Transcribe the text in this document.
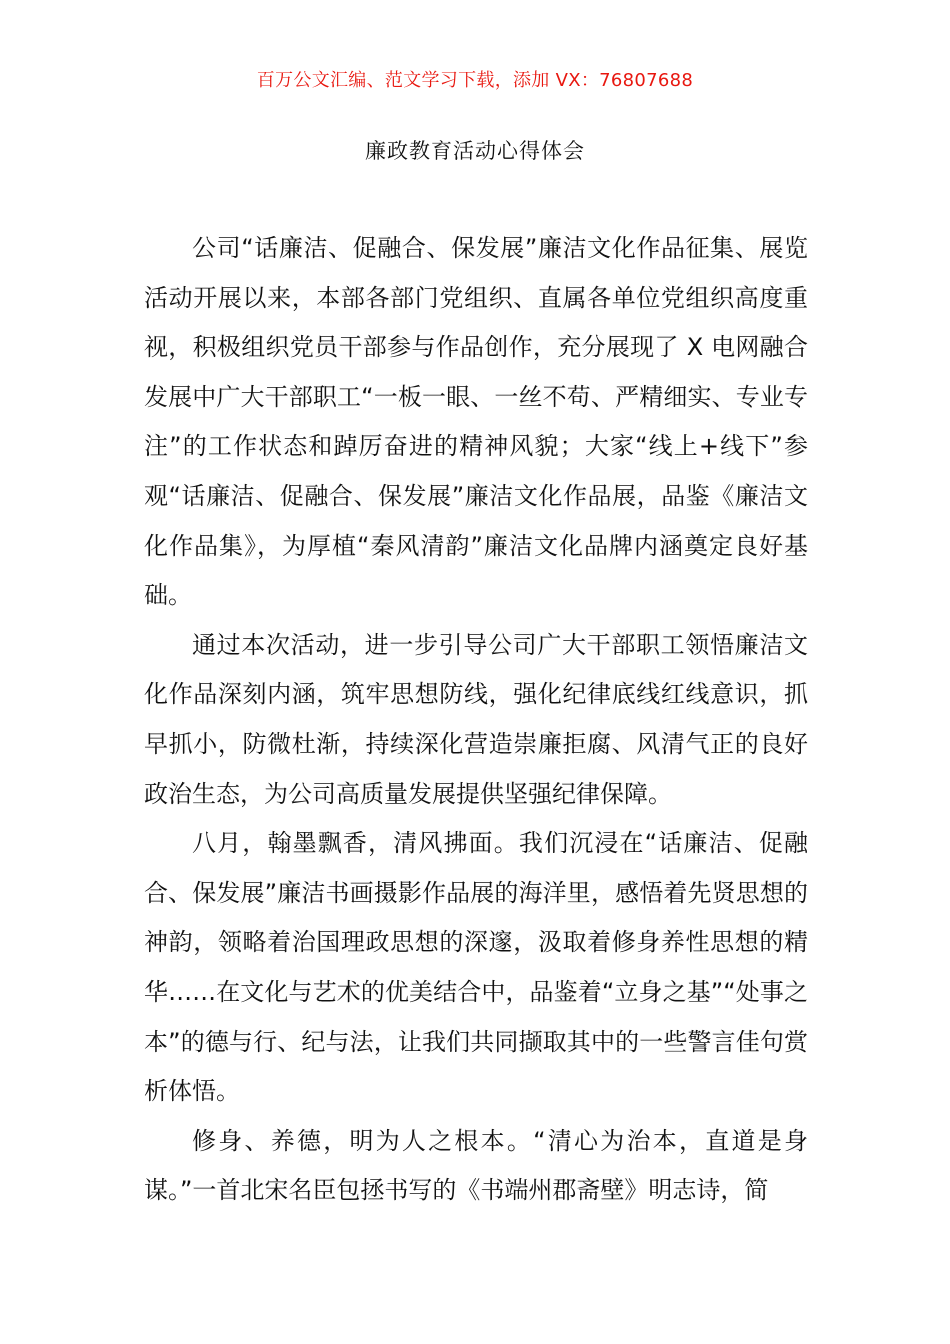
百万公文汇编、范文学习下载，添加 VX：76807688
廉政教育活动心得体会

公司“话廉洁、促融合、保发展”廉洁文化作品征集、展览活动开展以来，本部各部门党组织、直属各单位党组织高度重视，积极组织党员干部参与作品创作，充分展现了 X 电网融合发展中广大干部职工“一板一眼、一丝不苟、严精细实、专业专注”的工作状态和踔厉奋进的精神风貌；大家“线上+线下”参观“话廉洁、促融合、保发展”廉洁文化作品展，品鉴《廉洁文化作品集》，为厚植“秦风清韵”廉洁文化品牌内涵奠定良好基础。

通过本次活动，进一步引导公司广大干部职工领悟廉洁文化作品深刻内涵，筑牢思想防线，强化纪律底线红线意识，抓早抓小，防微杜渐，持续深化营造崇廉拒腐、风清气正的良好政治生态，为公司高质量发展提供坚强纪律保障。

八月，翰墨飘香，清风拂面。我们沉浸在“话廉洁、促融合、保发展”廉洁书画摄影作品展的海洋里，感悟着先贤思想的神韵，领略着治国理政思想的深邃，汲取着修身养性思想的精华……在文化与艺术的优美结合中，品鉴着“立身之基”“处事之本”的德与行、纪与法，让我们共同撷取其中的一些警言佳句赏析体悟。

修身、养德，明为人之根本。“清心为治本，直道是身谋。”一首北宋名臣包拯书写的《书端州郡斋壁》明志诗，简
